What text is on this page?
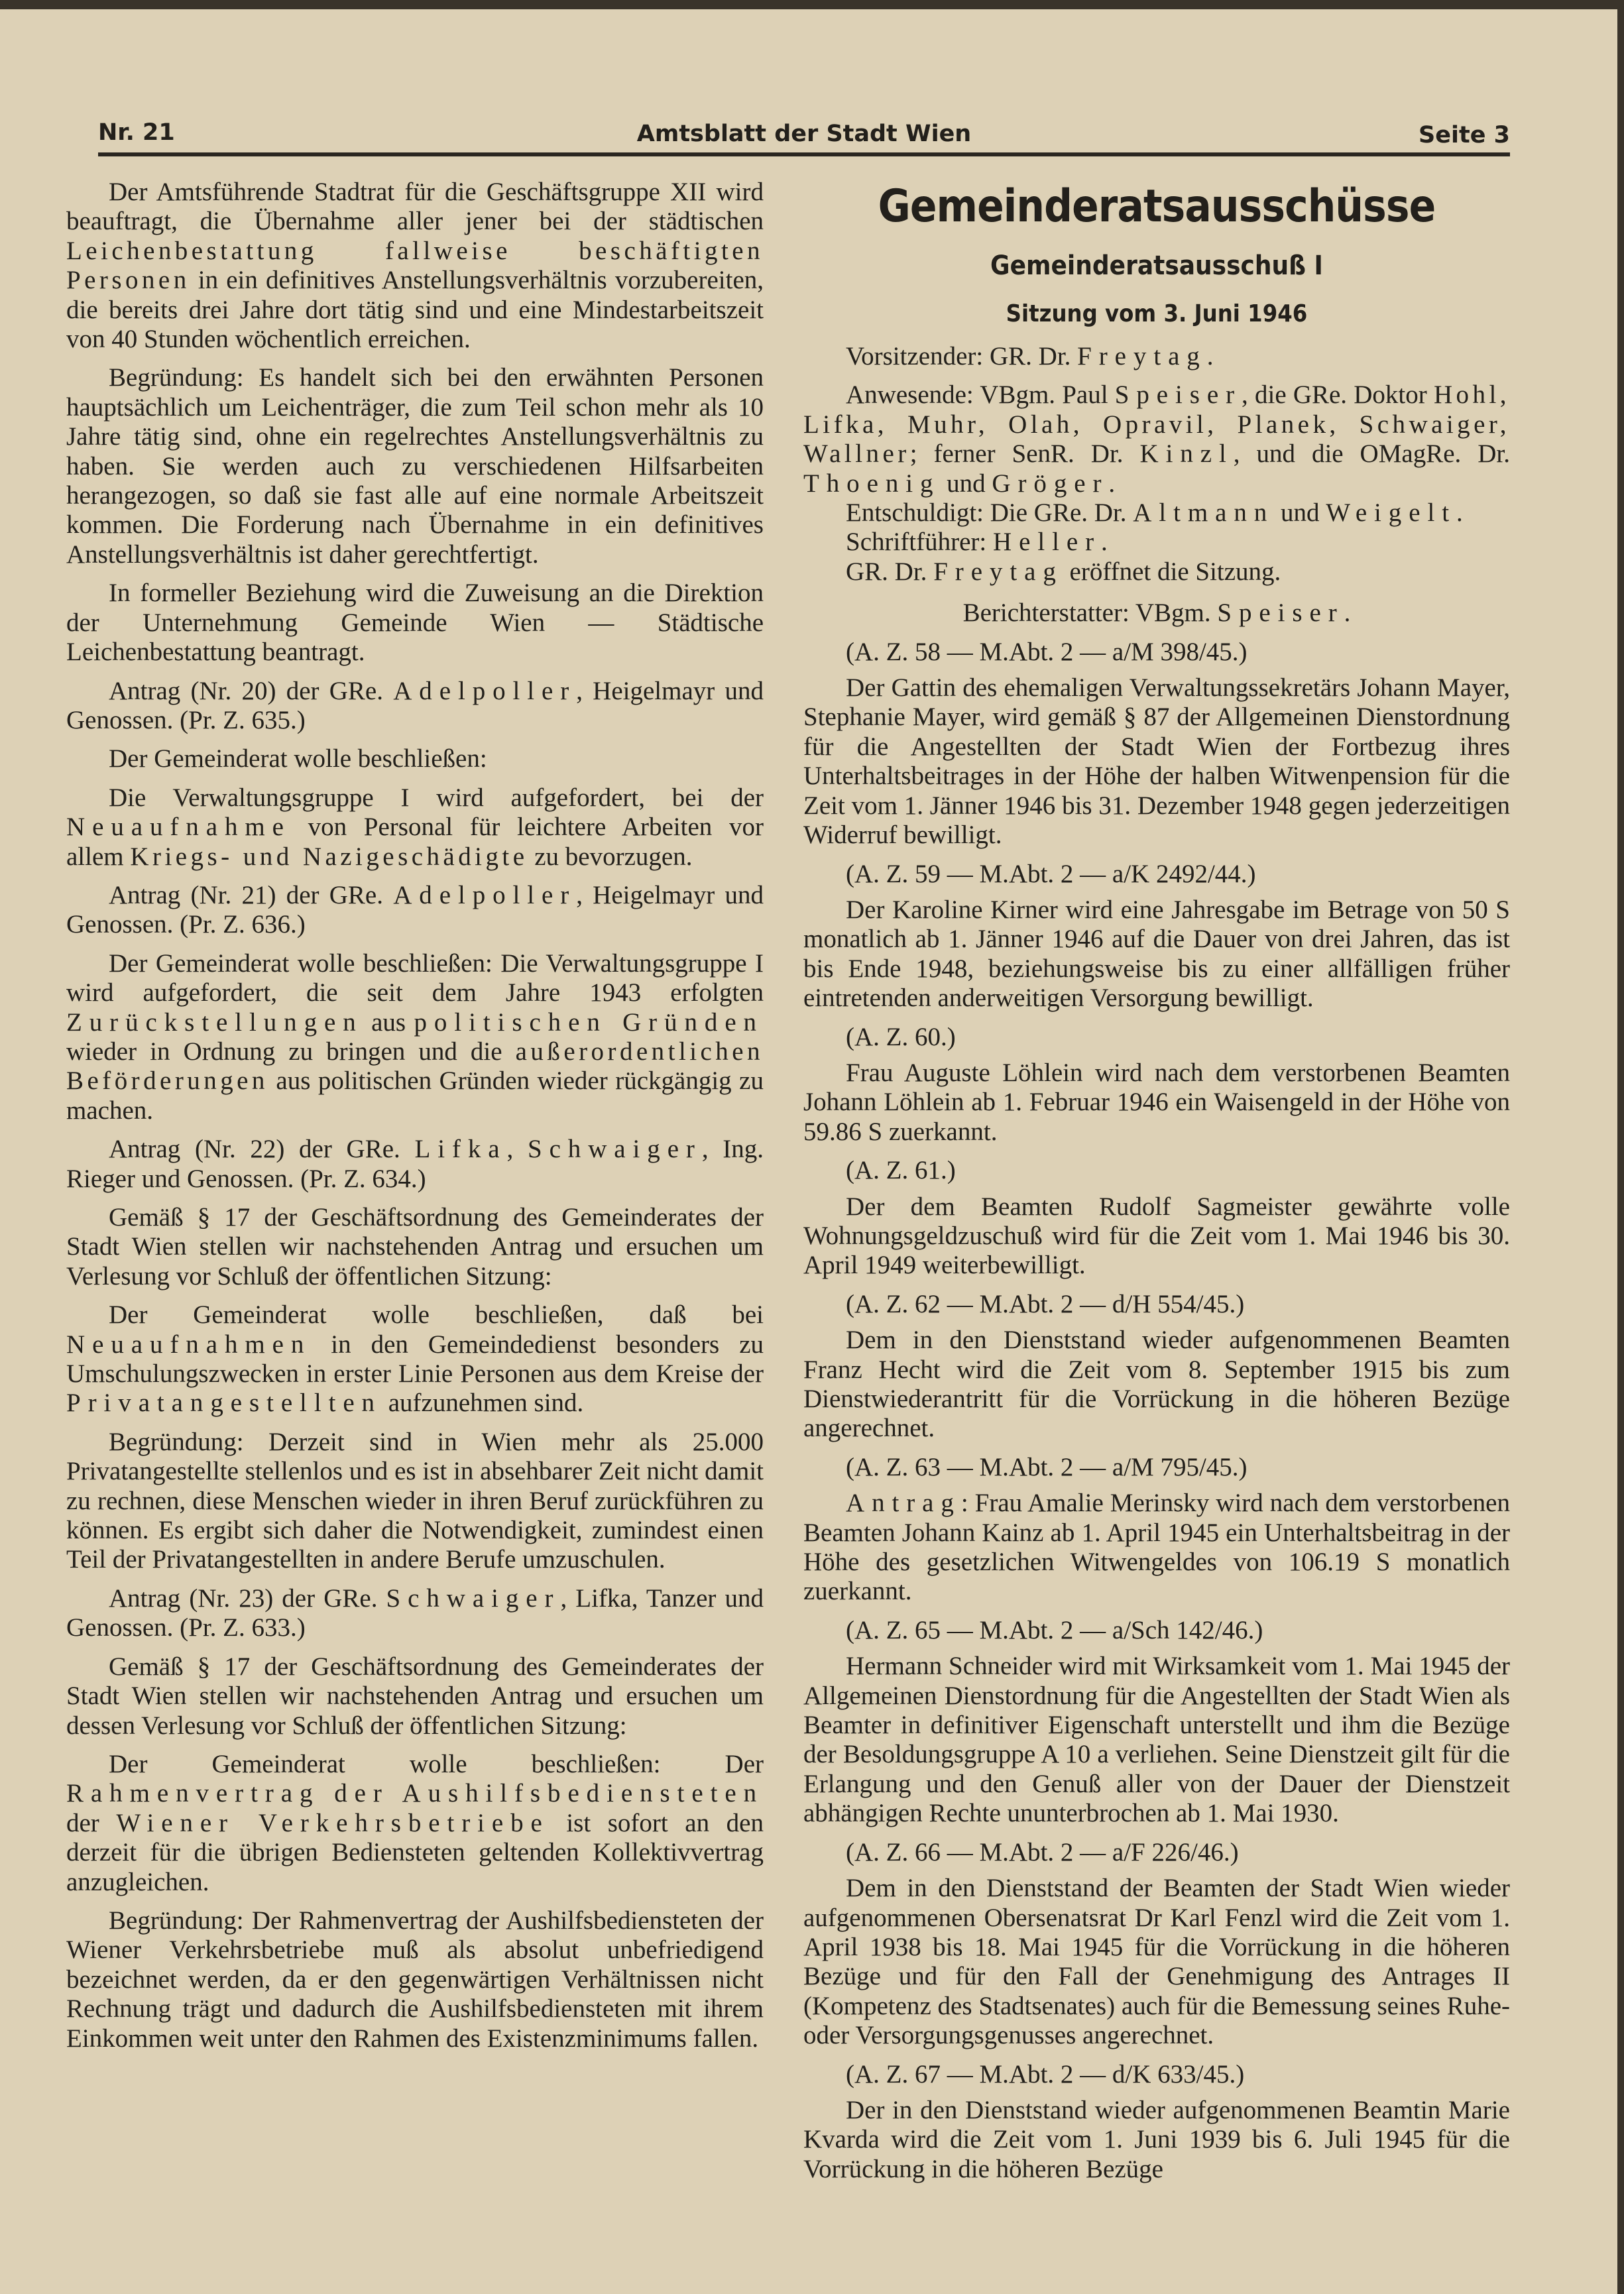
Nr. 21	Amtsblatt der Stadt Wien	Seite 3

Der Amtsführende Stadtrat für die Geschäftsgruppe XII wird beauftragt, die Übernahme aller jener bei der städtischen Leichenbestattung fallweise beschäftigten Personen in ein definitives Anstellungsverhältnis vorzubereiten, die bereits drei Jahre dort tätig sind und eine Mindestarbeitszeit von 40 Stunden wöchentlich erreichen.

Begründung: Es handelt sich bei den erwähnten Personen hauptsächlich um Leichenträger, die zum Teil schon mehr als 10 Jahre tätig sind, ohne ein regelrechtes Anstellungsverhältnis zu haben. Sie werden auch zu verschiedenen Hilfsarbeiten herangezogen, so daß sie fast alle auf eine normale Arbeitszeit kommen. Die Forderung nach Übernahme in ein definitives Anstellungsverhältnis ist daher gerechtfertigt.

In formeller Beziehung wird die Zuweisung an die Direktion der Unternehmung Gemeinde Wien — Städtische Leichenbestattung beantragt.

Antrag (Nr. 20) der GRe. Adelpoller, Heigelmayr und Genossen. (Pr. Z. 635.)

Der Gemeinderat wolle beschließen:

Die Verwaltungsgruppe I wird aufgefordert, bei der Neuaufnahme von Personal für leichtere Arbeiten vor allem Kriegs- und Nazigeschädigte zu bevorzugen.

Antrag (Nr. 21) der GRe. Adelpoller, Heigelmayr und Genossen. (Pr. Z. 636.)

Der Gemeinderat wolle beschließen: Die Verwaltungsgruppe I wird aufgefordert, die seit dem Jahre 1943 erfolgten Zurückstellungen aus politischen Gründen wieder in Ordnung zu bringen und die außerordentlichen Beförderungen aus politischen Gründen wieder rückgängig zu machen.

Antrag (Nr. 22) der GRe. Lifka, Schwaiger, Ing. Rieger und Genossen. (Pr. Z. 634.)

Gemäß § 17 der Geschäftsordnung des Gemeinderates der Stadt Wien stellen wir nachstehenden Antrag und ersuchen um Verlesung vor Schluß der öffentlichen Sitzung:

Der Gemeinderat wolle beschließen, daß bei Neuaufnahmen in den Gemeindedienst besonders zu Umschulungszwecken in erster Linie Personen aus dem Kreise der Privatangestellten aufzunehmen sind.

Begründung: Derzeit sind in Wien mehr als 25.000 Privatangestellte stellenlos und es ist in absehbarer Zeit nicht damit zu rechnen, diese Menschen wieder in ihren Beruf zurückführen zu können. Es ergibt sich daher die Notwendigkeit, zumindest einen Teil der Privatangestellten in andere Berufe umzuschulen.

Antrag (Nr. 23) der GRe. Schwaiger, Lifka, Tanzer und Genossen. (Pr. Z. 633.)

Gemäß § 17 der Geschäftsordnung des Gemeinderates der Stadt Wien stellen wir nachstehenden Antrag und ersuchen um dessen Verlesung vor Schluß der öffentlichen Sitzung:

Der Gemeinderat wolle beschließen: Der Rahmenvertrag der Aushilfsbediensteten der Wiener Verkehrsbetriebe ist sofort an den derzeit für die übrigen Bediensteten geltenden Kollektivvertrag anzugleichen.

Begründung: Der Rahmenvertrag der Aushilfsbediensteten der Wiener Verkehrsbetriebe muß als absolut unbefriedigend bezeichnet werden, da er den gegenwärtigen Verhältnissen nicht Rechnung trägt und dadurch die Aushilfsbediensteten mit ihrem Einkommen weit unter den Rahmen des Existenzminimums fallen.

Gemeinderatsausschüsse
Gemeinderatsausschuß I
Sitzung vom 3. Juni 1946

Vorsitzender: GR. Dr. Freytag.

Anwesende: VBgm. Paul Speiser, die GRe. Doktor Hohl, Lifka, Muhr, Olah, Opravil, Planek, Schwaiger, Wallner; ferner SenR. Dr. Kinzl, und die OMagRe. Dr. Thoenig und Gröger.

Entschuldigt: Die GRe. Dr. Altmann und Weigelt.

Schriftführer: Heller.

GR. Dr. Freytag eröffnet die Sitzung.

Berichterstatter: VBgm. Speiser.

(A. Z. 58 — M.Abt. 2 — a/M 398/45.)

Der Gattin des ehemaligen Verwaltungssekretärs Johann Mayer, Stephanie Mayer, wird gemäß § 87 der Allgemeinen Dienstordnung für die Angestellten der Stadt Wien der Fortbezug ihres Unterhaltsbeitrages in der Höhe der halben Witwenpension für die Zeit vom 1. Jänner 1946 bis 31. Dezember 1948 gegen jederzeitigen Widerruf bewilligt.

(A. Z. 59 — M.Abt. 2 — a/K 2492/44.)

Der Karoline Kirner wird eine Jahresgabe im Betrage von 50 S monatlich ab 1. Jänner 1946 auf die Dauer von drei Jahren, das ist bis Ende 1948, beziehungsweise bis zu einer allfälligen früher eintretenden anderweitigen Versorgung bewilligt.

(A. Z. 60.)

Frau Auguste Löhlein wird nach dem verstorbenen Beamten Johann Löhlein ab 1. Februar 1946 ein Waisengeld in der Höhe von 59.86 S zuerkannt.

(A. Z. 61.)

Der dem Beamten Rudolf Sagmeister gewährte volle Wohnungsgeldzuschuß wird für die Zeit vom 1. Mai 1946 bis 30. April 1949 weiterbewilligt.

(A. Z. 62 — M.Abt. 2 — d/H 554/45.)

Dem in den Dienststand wieder aufgenommenen Beamten Franz Hecht wird die Zeit vom 8. September 1915 bis zum Dienstwiederantritt für die Vorrückung in die höheren Bezüge angerechnet.

(A. Z. 63 — M.Abt. 2 — a/M 795/45.)

Antrag: Frau Amalie Merinsky wird nach dem verstorbenen Beamten Johann Kainz ab 1. April 1945 ein Unterhaltsbeitrag in der Höhe des gesetzlichen Witwengeldes von 106.19 S monatlich zuerkannt.

(A. Z. 65 — M.Abt. 2 — a/Sch 142/46.)

Hermann Schneider wird mit Wirksamkeit vom 1. Mai 1945 der Allgemeinen Dienstordnung für die Angestellten der Stadt Wien als Beamter in definitiver Eigenschaft unterstellt und ihm die Bezüge der Besoldungsgruppe A 10 a verliehen. Seine Dienstzeit gilt für die Erlangung und den Genuß aller von der Dauer der Dienstzeit abhängigen Rechte ununterbrochen ab 1. Mai 1930.

(A. Z. 66 — M.Abt. 2 — a/F 226/46.)

Dem in den Dienststand der Beamten der Stadt Wien wieder aufgenommenen Obersenatsrat Dr Karl Fenzl wird die Zeit vom 1. April 1938 bis 18. Mai 1945 für die Vorrückung in die höheren Bezüge und für den Fall der Genehmigung des Antrages II (Kompetenz des Stadtsenates) auch für die Bemessung seines Ruhe- oder Versorgungsgenusses angerechnet.

(A. Z. 67 — M.Abt. 2 — d/K 633/45.)

Der in den Dienststand wieder aufgenommenen Beamtin Marie Kvarda wird die Zeit vom 1. Juni 1939 bis 6. Juli 1945 für die Vorrückung in die höheren Bezüge
